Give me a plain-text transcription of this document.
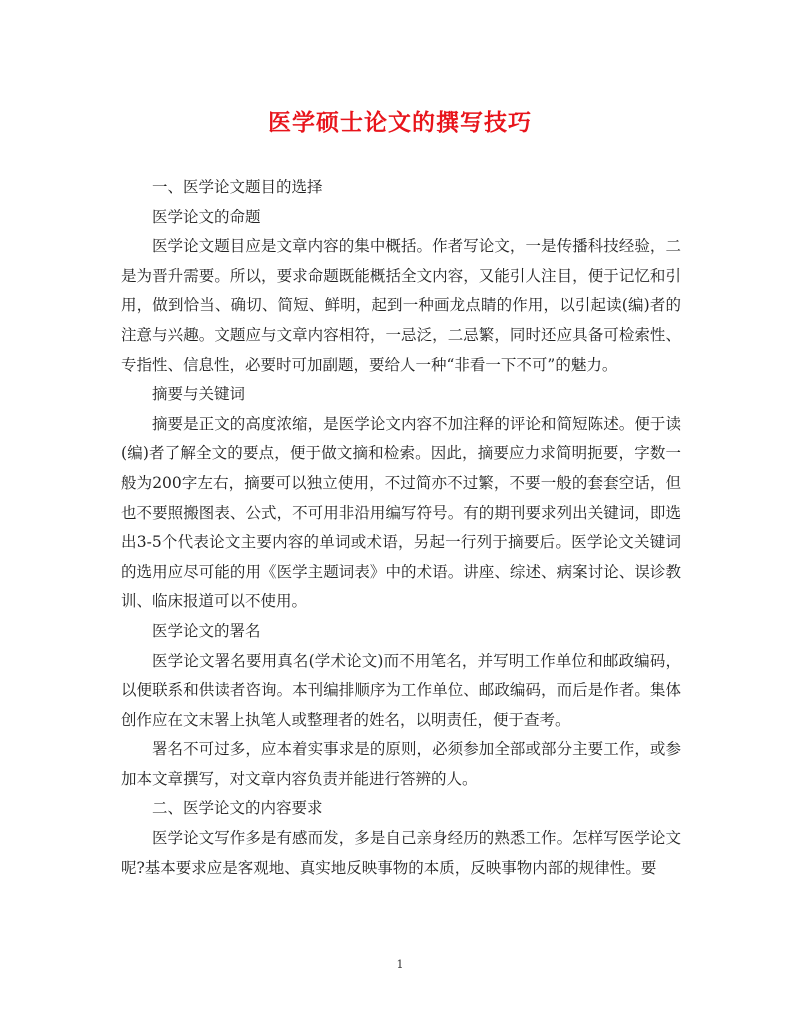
医学硕士论文的撰写技巧

一、医学论文题目的选择

医学论文的命题

医学论文题目应是文章内容的集中概括。作者写论文，一是传播科技经验，二是为晋升需要。所以，要求命题既能概括全文内容，又能引人注目，便于记忆和引用，做到恰当、确切、简短、鲜明，起到一种画龙点睛的作用，以引起读(编)者的注意与兴趣。文题应与文章内容相符，一忌泛，二忌繁，同时还应具备可检索性、专指性、信息性，必要时可加副题，要给人一种“非看一下不可”的魅力。

摘要与关键词

摘要是正文的高度浓缩，是医学论文内容不加注释的评论和简短陈述。便于读(编)者了解全文的要点，便于做文摘和检索。因此，摘要应力求简明扼要，字数一般为200字左右，摘要可以独立使用，不过简亦不过繁，不要一般的套套空话，但也不要照搬图表、公式，不可用非沿用编写符号。有的期刊要求列出关键词，即选出3-5个代表论文主要内容的单词或术语，另起一行列于摘要后。医学论文关键词的选用应尽可能的用《医学主题词表》中的术语。讲座、综述、病案讨论、误诊教训、临床报道可以不使用。

医学论文的署名

医学论文署名要用真名(学术论文)而不用笔名，并写明工作单位和邮政编码，以便联系和供读者咨询。本刊编排顺序为工作单位、邮政编码，而后是作者。集体创作应在文末署上执笔人或整理者的姓名，以明责任，便于查考。

署名不可过多，应本着实事求是的原则，必须参加全部或部分主要工作，或参加本文章撰写，对文章内容负责并能进行答辨的人。

二、医学论文的内容要求

医学论文写作多是有感而发，多是自己亲身经历的熟悉工作。怎样写医学论文呢?基本要求应是客观地、真实地反映事物的本质，反映事物内部的规律性。要

1
